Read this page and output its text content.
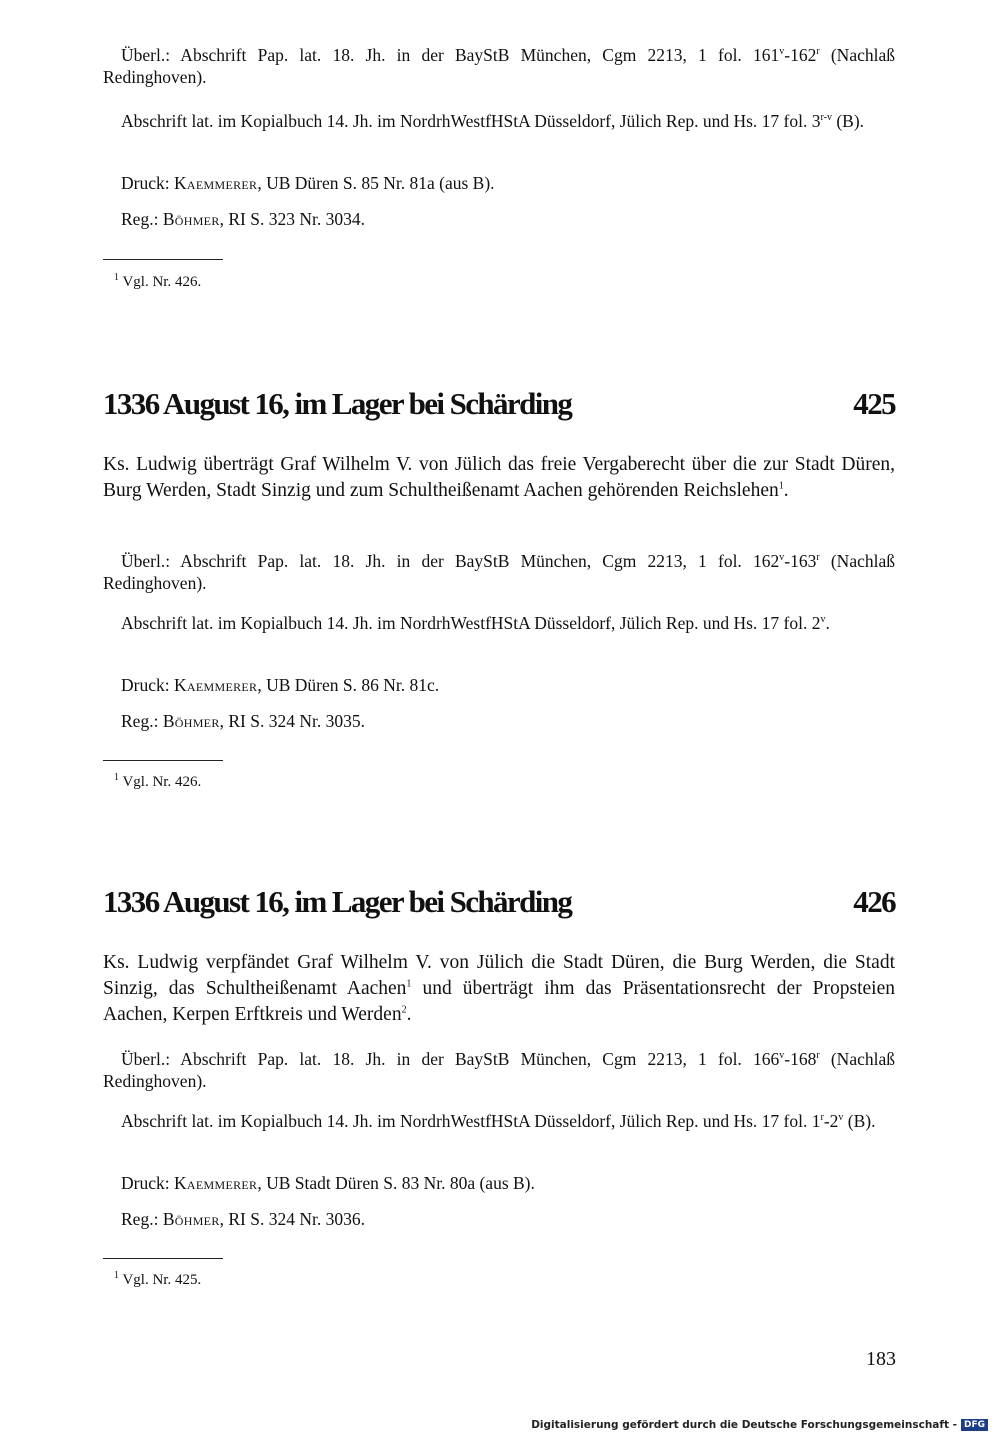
Überl.: Abschrift Pap. lat. 18. Jh. in der BayStB München, Cgm 2213, 1 fol. 161$^v$-162$^r$ (Nachlaß Redinghoven).

Abschrift lat. im Kopialbuch 14. Jh. im NordrhWestfHStA Düsseldorf, Jülich Rep. und Hs. 17 fol. 3$^{r-v}$ (B).

Druck: Kaemmerer, UB Düren S. 85 Nr. 81a (aus B).

Reg.: Böhmer, RI S. 323 Nr. 3034.

$^1$ Vgl. Nr. 426.
1336 August 16, im Lager bei Schärding	425

Ks. Ludwig überträgt Graf Wilhelm V. von Jülich das freie Vergaberecht über die zur Stadt Düren, Burg Werden, Stadt Sinzig und zum Schultheißenamt Aachen gehörenden Reichslehen$^1$.

Überl.: Abschrift Pap. lat. 18. Jh. in der BayStB München, Cgm 2213, 1 fol. 162$^v$-163$^r$ (Nachlaß Redinghoven).

Abschrift lat. im Kopialbuch 14. Jh. im NordrhWestfHStA Düsseldorf, Jülich Rep. und Hs. 17 fol. 2$^v$.

Druck: Kaemmerer, UB Düren S. 86 Nr. 81c.

Reg.: Böhmer, RI S. 324 Nr. 3035.

$^1$ Vgl. Nr. 426.
1336 August 16, im Lager bei Schärding	426

Ks. Ludwig verpfändet Graf Wilhelm V. von Jülich die Stadt Düren, die Burg Werden, die Stadt Sinzig, das Schultheißenamt Aachen$^1$ und überträgt ihm das Präsentationsrecht der Propsteien Aachen, Kerpen Erftkreis und Werden$^2$.

Überl.: Abschrift Pap. lat. 18. Jh. in der BayStB München, Cgm 2213, 1 fol. 166$^v$-168$^r$ (Nachlaß Redinghoven).

Abschrift lat. im Kopialbuch 14. Jh. im NordrhWestfHStA Düsseldorf, Jülich Rep. und Hs. 17 fol. 1$^r$-2$^v$ (B).

Druck: Kaemmerer, UB Stadt Düren S. 83 Nr. 80a (aus B).

Reg.: Böhmer, RI S. 324 Nr. 3036.

$^1$ Vgl. Nr. 425.
183
Digitalisierung gefördert durch die Deutsche Forschungsgemeinschaft - DFG
